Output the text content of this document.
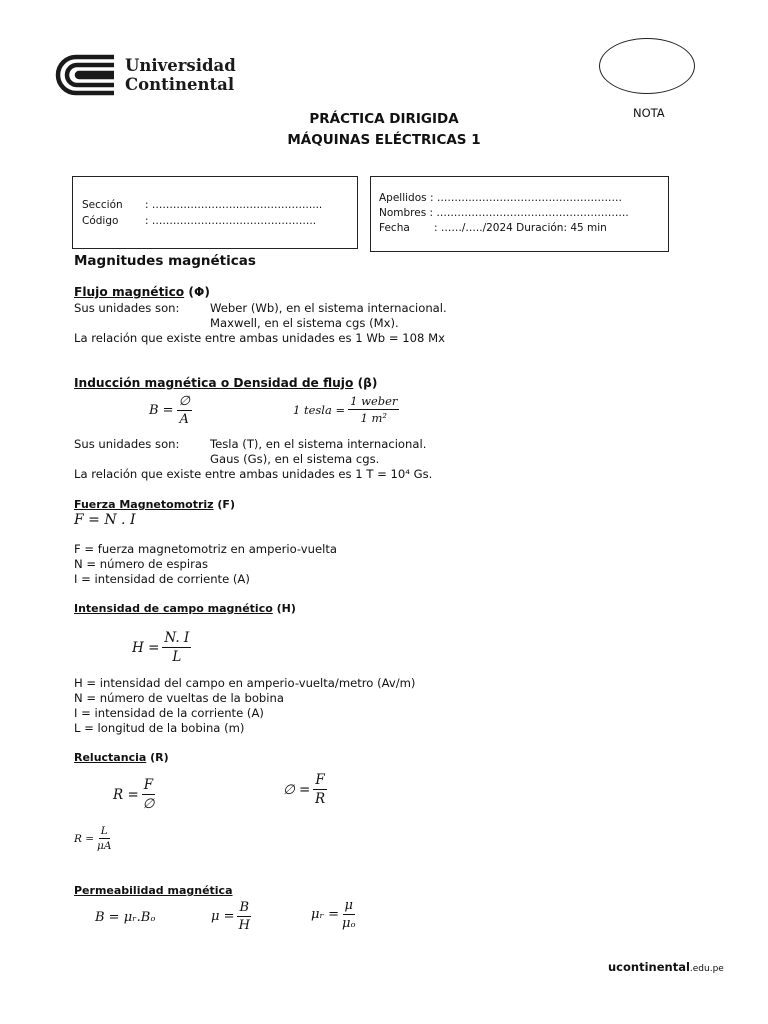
Universidad
Continental
NOTA
PRÁCTICA DIRIGIDA
MÁQUINAS ELÉCTRICAS 1
Sección : ……………………..……………….....
Código	: ………………………………………..
Apellidos : ………..……………………………………
Nombres : ……………………………………………….
Fecha : ……/…../2024 Duración: 45 min
Magnitudes magnéticas
Flujo magnético (Φ)
Sus unidades son:	Weber (Wb), en el sistema internacional.
Maxwell, en el sistema cgs (Mx).
La relación que existe entre ambas unidades es 1 Wb = 108 Mx
Inducción magnética o Densidad de flujo (β)
$B = \frac{\emptyset}{A}$	1 tesla = $\frac{\text{1 weber}}{\text{1 m²}}$
Sus unidades son:	Tesla (T), en el sistema internacional.
Gaus (Gs), en el sistema cgs.
La relación que existe entre ambas unidades es 1 T = 10⁴ Gs.
Fuerza Magnetomotriz (F)
F = N . I
F = fuerza magnetomotriz en amperio-vuelta
N = número de espiras
I = intensidad de corriente (A)
Intensidad de campo magnético (H)
$H = \frac{N. I}{L}$
H = intensidad del campo en amperio-vuelta/metro (Av/m)
N = número de vueltas de la bobina
I = intensidad de la corriente (A)
L = longitud de la bobina (m)
Reluctancia (R)
$R = \frac{F}{\emptyset}$	∅ = $\frac{F}{R}$
$R = \frac{L}{\mu A}$
Permeabilidad magnética
B = μᵣ.Bₒ	$\mu = \frac{B}{H}$	μᵣ = $\frac{\mu}{\text{μₒ}}$
ucontinental.edu.pe
